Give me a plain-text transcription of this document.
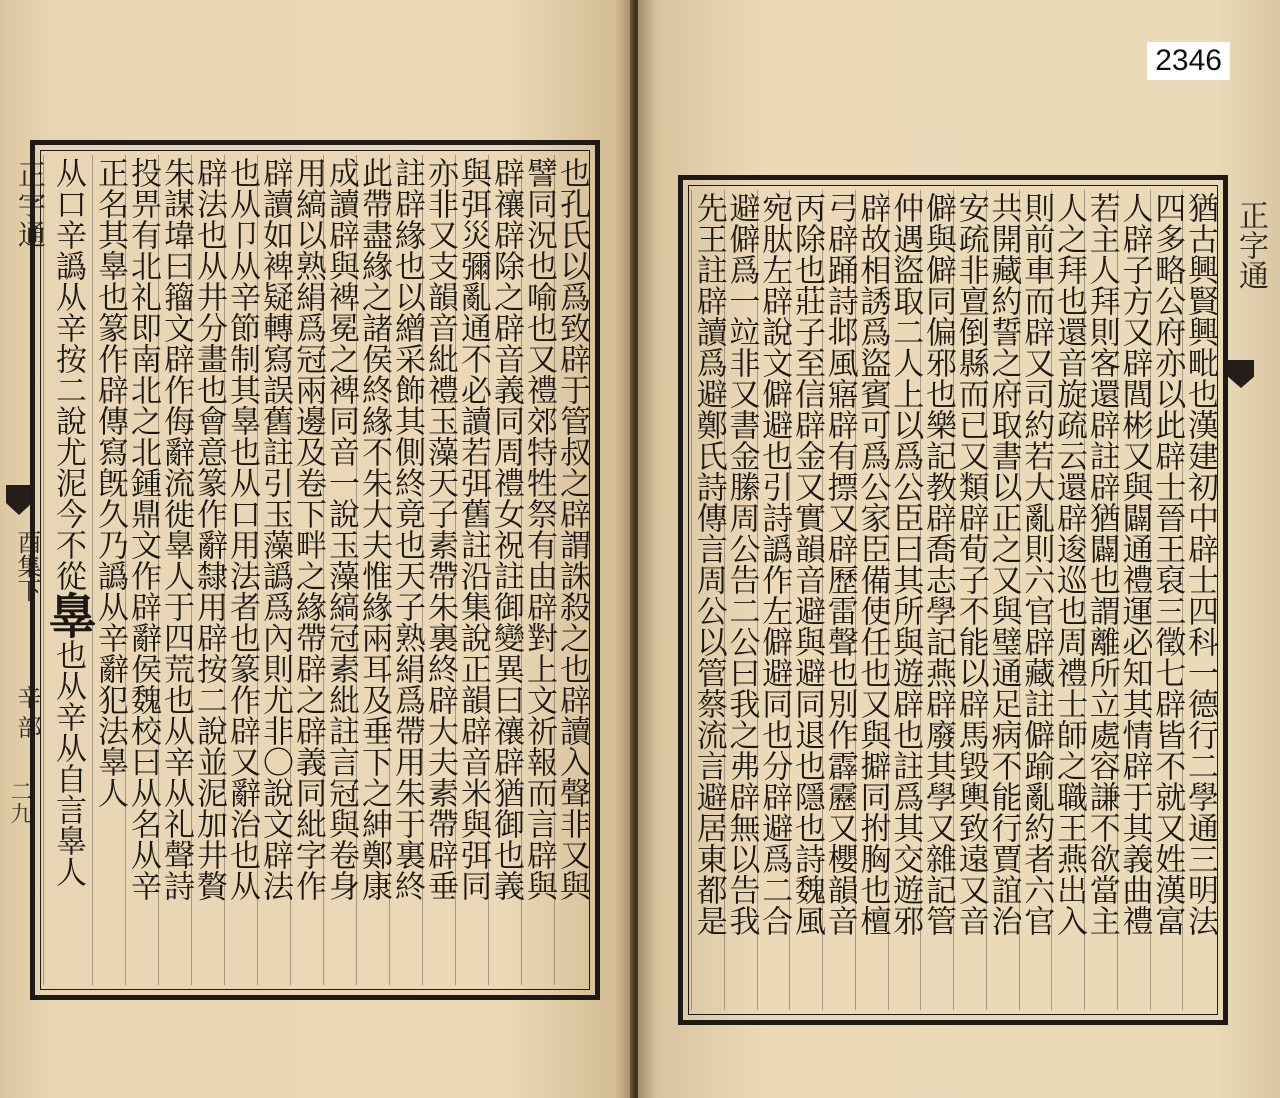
正字通
酉集下
辛部
二九	也孔氏以爲致辟于管叔之辟謂誅殺之也辟讀入聲非又與
譬同況也喻也又禮郊特牲祭有由辟對上文祈報而言辟與
辟禳辟除之辟音義同周禮女祝註御變異曰禳辟猶御也義
與弭災彌亂通不必讀若弭舊註沿集說正韻辟音米與弭同
亦非又支韻音紕禮玉藻天子素帶朱裏終辟大夫素帶辟垂
註辟緣也以繒采飾其側終竟也天子熟絹爲帶用朱于裏終
此帶盡緣之諸侯終緣不朱大夫惟緣兩耳及垂下之紳鄭康
成讀辟與裨冕之裨同音一說玉藻縞冠素紕註言冠與卷身
用縞以熟絹爲冠兩邊及卷下畔之緣帶辟之辟義同紕字作
辟讀如裨疑轉寫誤舊註引玉藻譌爲內則尤非〇說文辟法
也从卩从辛節制其辠也从口用法者也篆作辟又辭治也从
辟法也从井分畫也會意篆作辭隸用辟按二說並泥加井贅
朱謀㙔曰籀文辟作侮辭流徙辠人于四荒也从辛从礼聲詩
投畀有北礼即南北之北鍾鼎文作辟辭侯魏校曰从名从辛
正名其辠也篆作辟傳寫旣久乃譌从辛辭犯法辠人
从口辛譌从辛按二說尤泥今不從辠也从辛从自言辠人	猶古興賢興毗也漢建初中辟士四科一德行二學通三明法
四多略公府亦以此辟士晉王裒三徵七辟皆不就又姓漢富
人辟子方又辟閭彬又與闢通禮運必知其情辟于其義曲禮
若主人拜則客還辟註辟猶闢也謂離所立處容謙不欲當主
人之拜也還音旋疏云還辟逡巡也周禮士師之職王燕出入
則前車而辟又司約若大亂則六官辟藏註僻踰亂約者六官
共開藏約誓之府取書以正之又與璧通足病不能行賈誼治
安疏非亶倒縣而已又類辟荀子不能以辟馬毀輿致遠又音
僻與僻同偏邪也樂記教辟喬志學記燕辟廢其學又雜記管
仲遇盜取二人上以爲公臣曰其所與遊辟也註爲其交遊邪
辟故相誘爲盜賓可爲公家臣備使任也又與擗同拊胸也檀
弓辟踊詩邶風寤辟有摽又辟歷雷聲也別作霹靂又櫻韻音
丙除也莊子至信辟金又實韻音避與避同退也隱也詩魏風
宛肽左辟說文僻避也引詩譌作左僻避同也分辟避爲二合
避僻爲一竝非又書金縢周公告二公曰我之弗辟無以告我
先王註辟讀爲避鄭氏詩傳言周公以管蔡流言避居東都是	正字通
2346
